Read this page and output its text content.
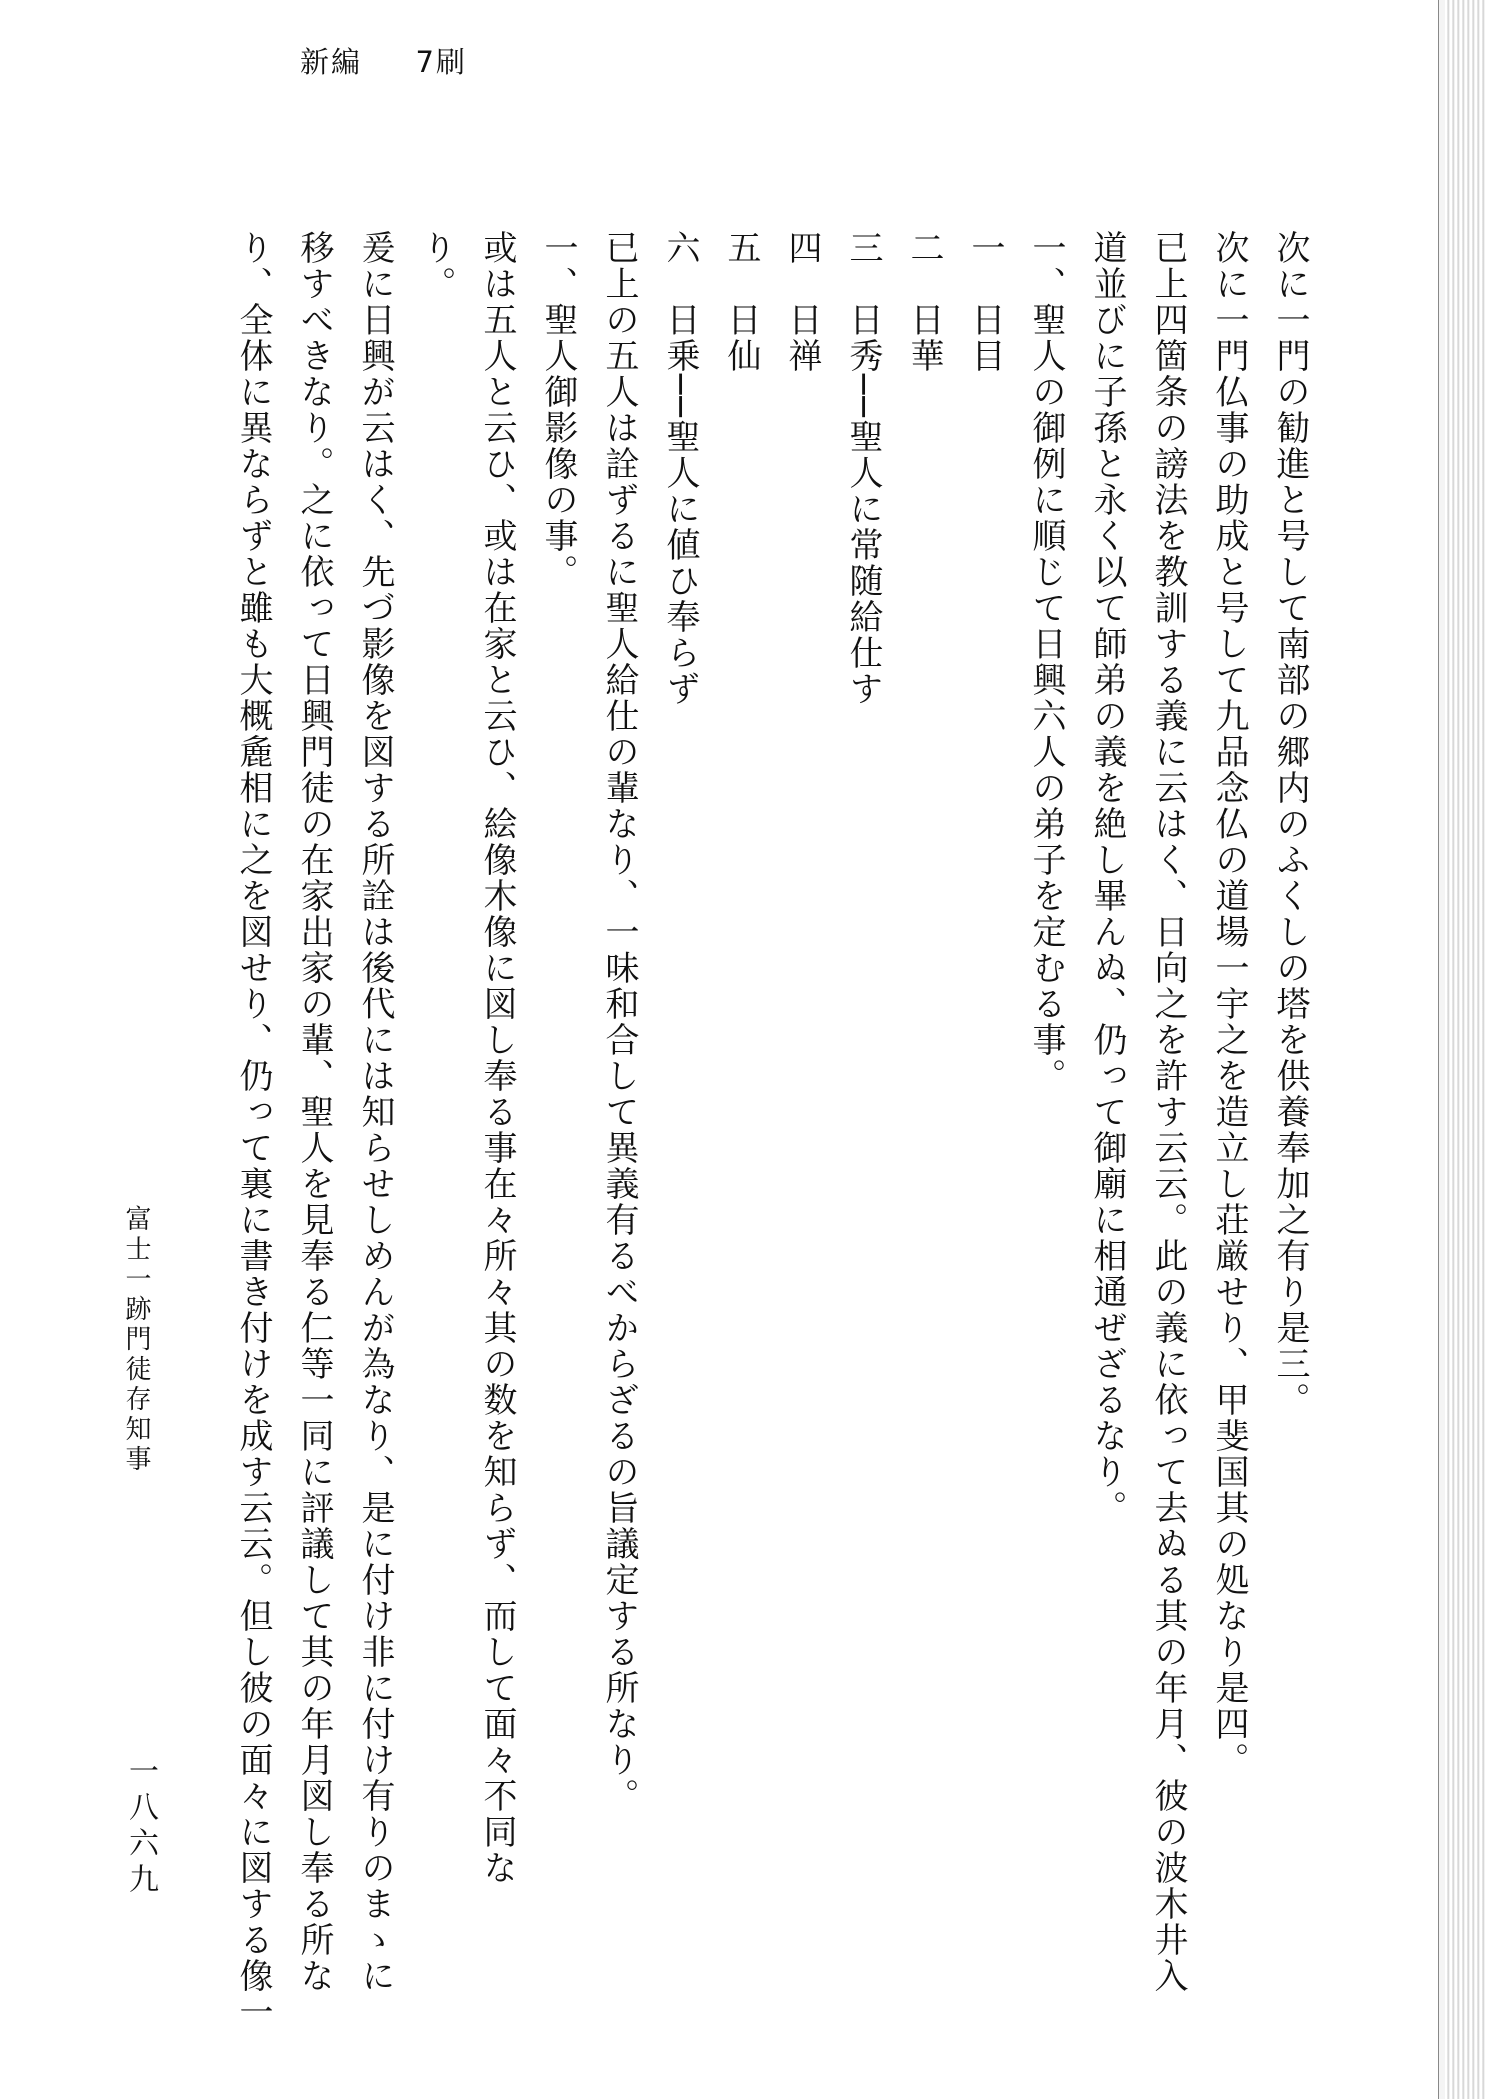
新編 　 7刷
次に一門の勧進と号して南部の郷内のふくしの塔を供養奉加之有り是三。
次に一門仏事の助成と号して九品念仏の道場一宇之を造立し荘厳せり、甲斐国其の処なり是四。
已上四箇条の謗法を教訓する義に云はく、日向之を許す云云。此の義に依って去ぬる其の年月、彼の波木井入
道並びに子孫と永く以て師弟の義を絶し畢んぬ、仍って御廟に相通ぜざるなり。
一、聖人の御例に順じて日興六人の弟子を定むる事。
一　日目
二　日華
三　日秀──聖人に常随給仕す
四　日禅
五　日仙
六　日乗──聖人に値ひ奉らず
已上の五人は詮ずるに聖人給仕の輩なり、一味和合して異義有るべからざるの旨議定する所なり。
一、聖人御影像の事。
或は五人と云ひ、或は在家と云ひ、絵像木像に図し奉る事在々所々其の数を知らず、而して面々不同な
り。
爰に日興が云はく、先づ影像を図する所詮は後代には知らせしめんが為なり、是に付け非に付け有りのまゝに
移すべきなり。之に依って日興門徒の在家出家の輩、聖人を見奉る仁等一同に評議して其の年月図し奉る所な
り、全体に異ならずと雖も大概麁相に之を図せり、仍って裏に書き付けを成す云云。但し彼の面々に図する像一
富士一跡門徒存知事
一八六九
